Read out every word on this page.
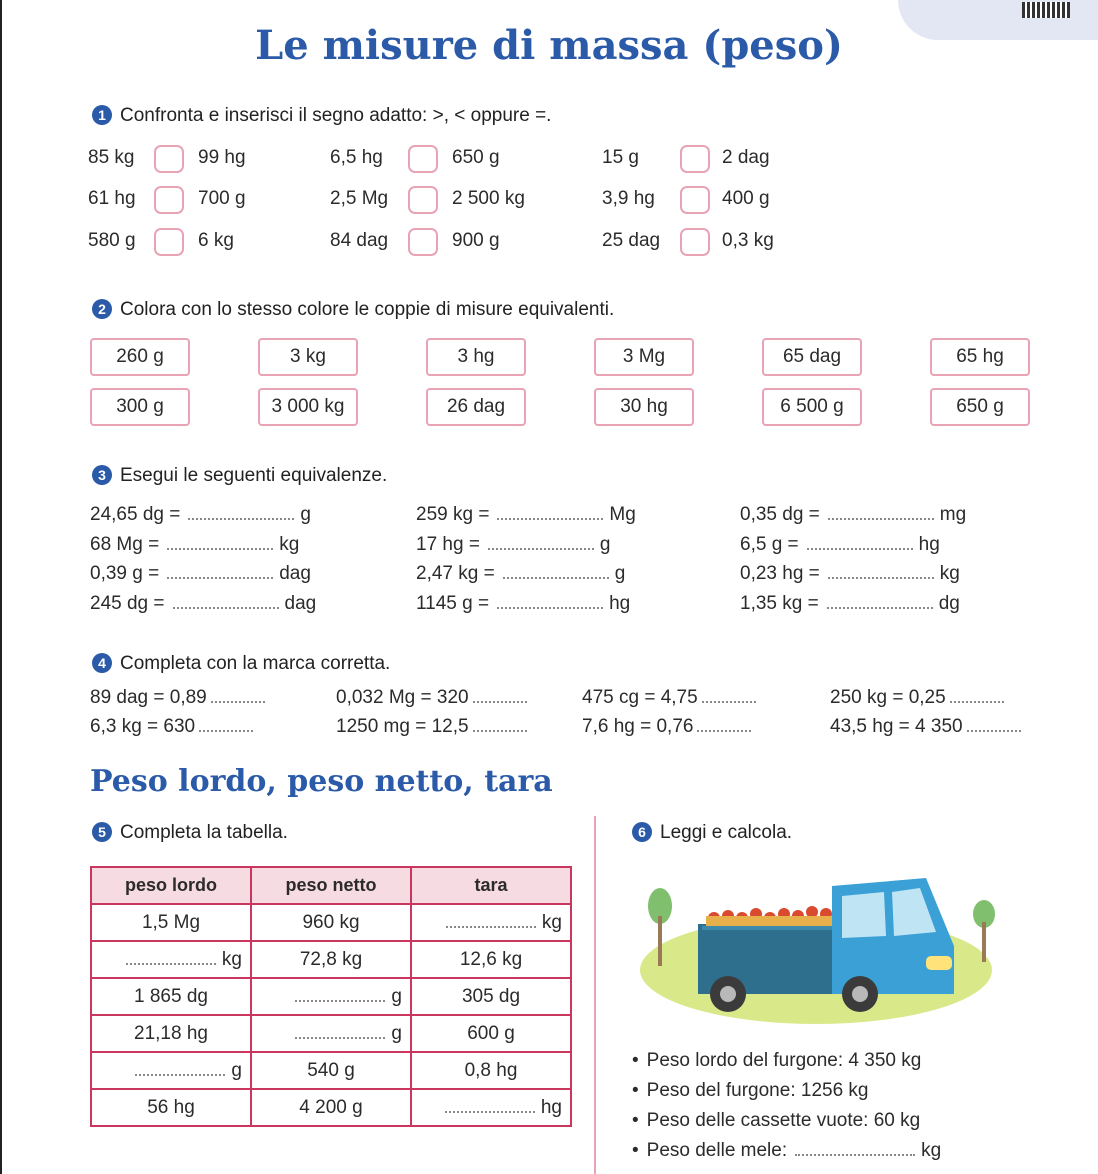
Le misure di massa (peso)
1 Confronta e inserisci il segno adatto: >, < oppure =.
85 kg	99 hg	6,5 hg	650 g	15 g	2 dag
61 hg	700 g	2,5 Mg	2 500 kg	3,9 hg	400 g
580 g	6 kg	84 dag	900 g	25 dag	0,3 kg
2 Colora con lo stesso colore le coppie di misure equivalenti.
260 g	3 kg	3 hg	3 Mg	65 dag	65 hg
300 g	3 000 kg	26 dag	30 hg	6 500 g	650 g
3 Esegui le seguenti equivalenze.
24,65 dg =	g	259 kg =	Mg	0,35 dg =	mg
68 Mg =	kg	17 hg =	g	6,5 g =	hg
0,39 g =	dag	2,47 kg =	g	0,23 hg =	kg
245 dg =	dag	1145 g =	hg	1,35 kg =	dg
4 Completa con la marca corretta.
89 dag = 0,89	0,032 Mg = 320	475 cg = 4,75	250 kg = 0,25
6,3 kg = 630	1250 mg = 12,5	7,6 hg = 0,76	43,5 hg = 4 350
Peso lordo, peso netto, tara
5 Completa la tabella.
peso lordo	peso netto	tara
1,5 Mg	960 kg	kg
kg	72,8 kg	12,6 kg
1 865 dg	g	305 dg
21,18 hg	g	600 g
g	540 g	0,8 hg
56 hg	4 200 g	hg
6 Leggi e calcola.
• Peso lordo del furgone: 4 350 kg
• Peso del furgone: 1256 kg
• Peso delle cassette vuote: 60 kg
• Peso delle mele:	kg
